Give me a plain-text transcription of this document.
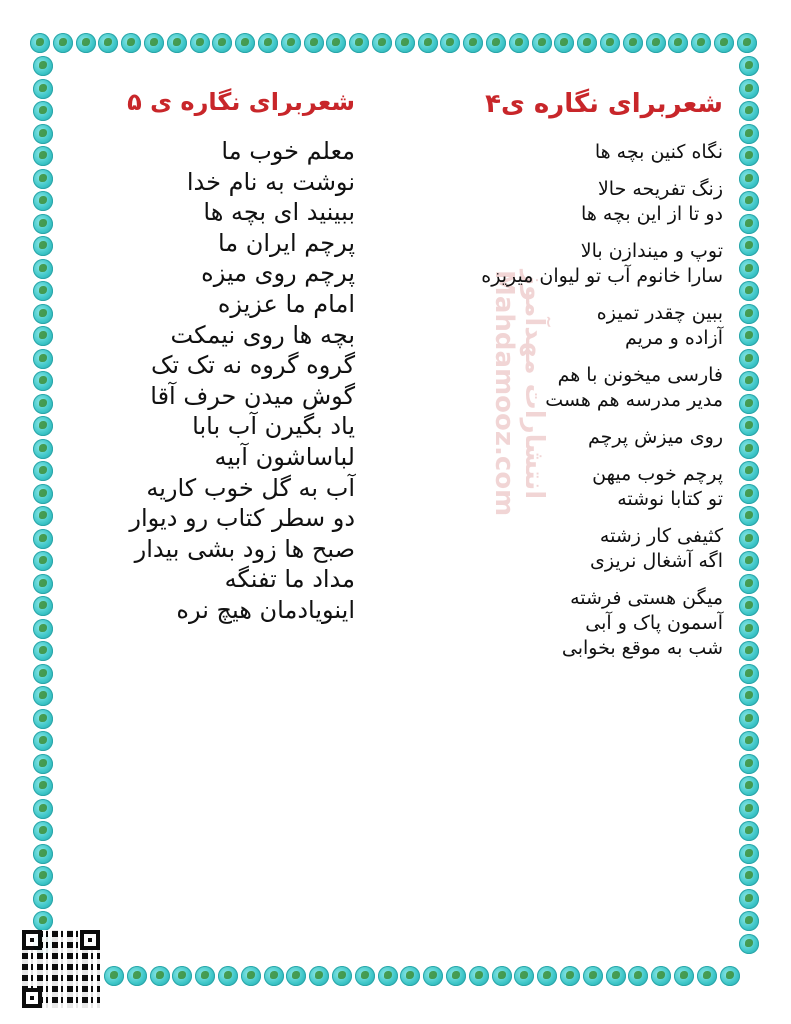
انتشارات مهدآموز Mahdamooz.com
شعربرای نگاره ی۴
نگاه کنین بچه ها
زنگ تفریحه حالا
دو تا از این بچه ها
توپ و میندازن بالا
سارا خانوم آب تو لیوان میریزه
ببین چقدر تمیزه
آزاده و مریم
فارسی میخونن با هم
مدیر مدرسه هم هست
روی میزش پرچم
پرچم خوب میهن
تو کتابا نوشته
کثیفی کار زشته
اگه آشغال نریزی
میگن هستی فرشته
آسمون پاک و آبی
شب به موقع بخوابی
شعربرای نگاره ی ۵
معلم خوب ما
نوشت به نام خدا
ببینید ای بچه ها
پرچم ایران ما
پرچم روی میزه
امام ما عزیزه
بچه ها روی نیمکت
گروه گروه نه تک تک
گوش میدن حرف آقا
یاد بگیرن آب بابا
لباساشون آبیه
آب به گل خوب کاریه
دو سطر کتاب رو دیوار
صبح ها زود بشی بیدار
مداد ما تفنگه
اینویادمان هیچ نره
